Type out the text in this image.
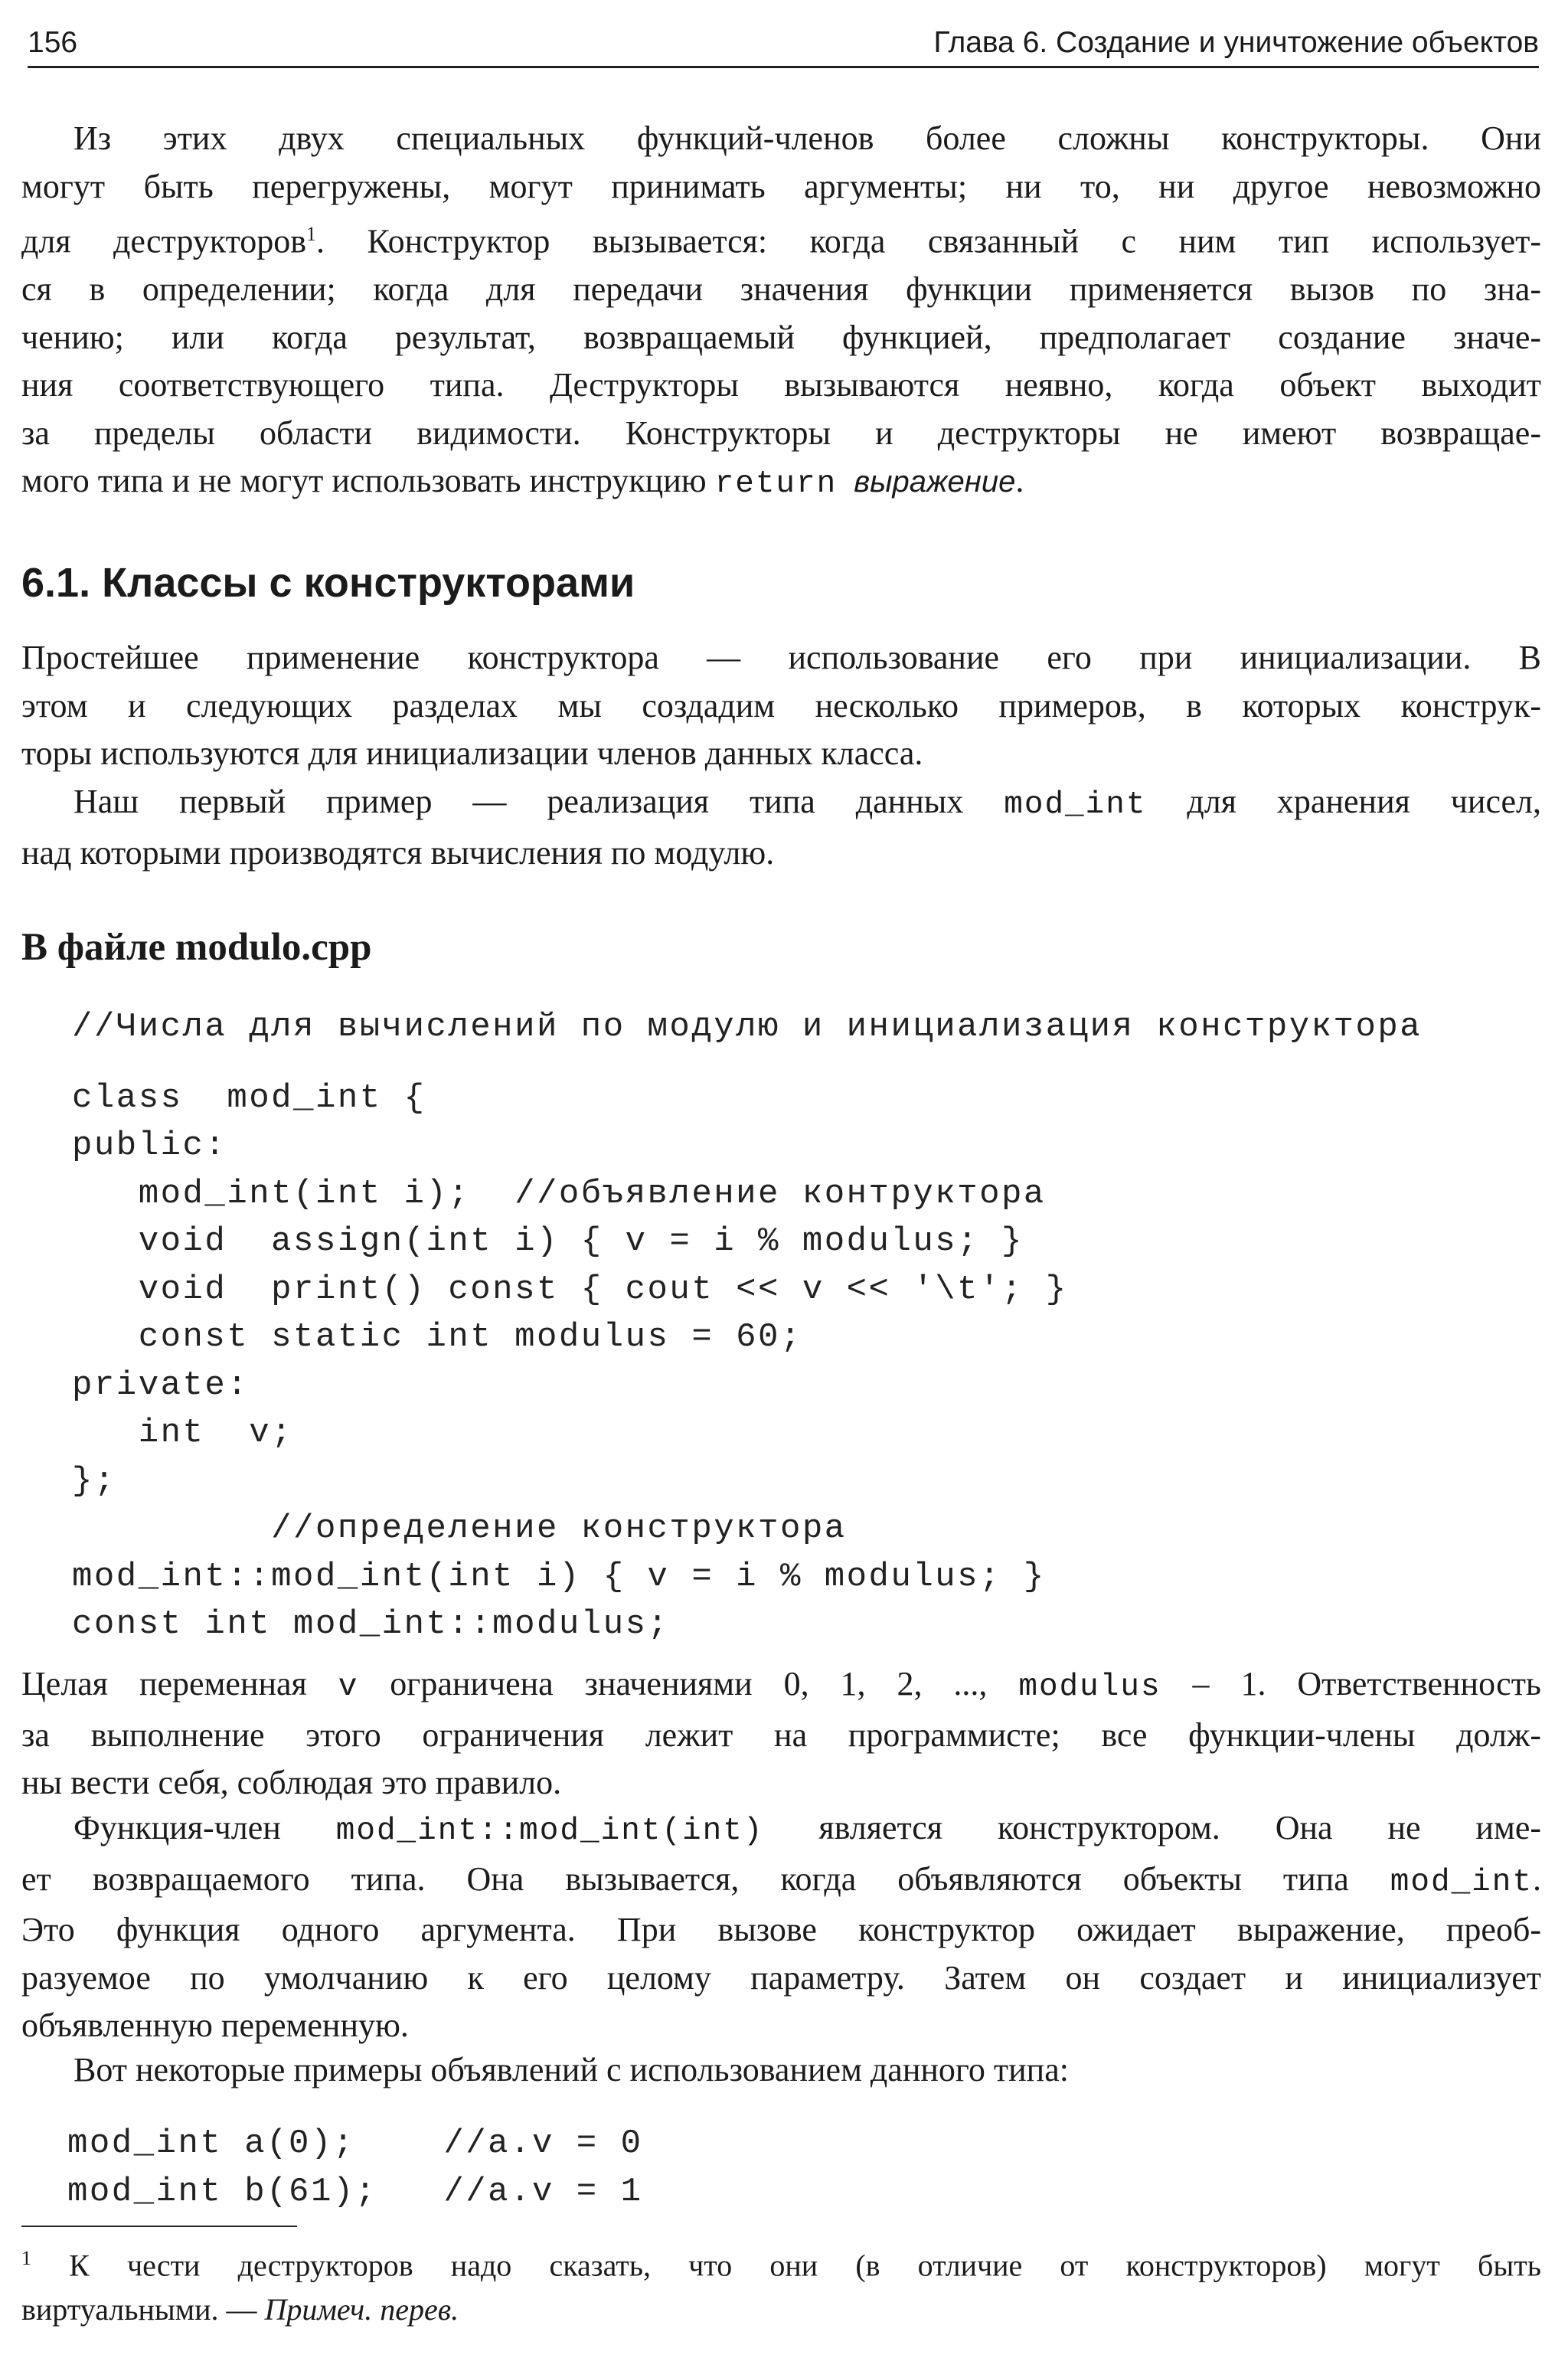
156	Глава 6. Создание и уничтожение объектов
Из этих двух специальных функций-членов более сложны конструкторы. Они
могут быть перегружены, могут принимать аргументы; ни то, ни другое невозможно
для деструкторов$^1$. Конструктор вызывается: когда связанный с ним тип использует-
ся в определении; когда для передачи значения функции применяется вызов по зна-
чению; или когда результат, возвращаемый функцией, предполагает создание значе-
ния соответствующего типа. Деструкторы вызываются неявно, когда объект выходит
за пределы области видимости. Конструкторы и деструкторы не имеют возвращае-
мого типа и не могут использовать инструкцию return выражение.
6.1. Классы с конструкторами
Простейшее применение конструктора — использование его при инициализации. В
этом и следующих разделах мы создадим несколько примеров, в которых конструк-
торы используются для инициализации членов данных класса.
Наш первый пример — реализация типа данных mod_int для хранения чисел,
над которыми производятся вычисления по модулю.
В файле modulo.cpp
//Числа для вычислений по модулю и инициализация конструктора
class  mod_int {
public:
mod_int(int i);  //объявление контруктора
void  assign(int i) { v = i % modulus; }
void  print() const { cout << v << '\t'; }
const static int modulus = 60;
private:
int  v;
};
//определение конструктора
mod_int::mod_int(int i) { v = i % modulus; }
const int mod_int::modulus;
Целая переменная v ограничена значениями 0, 1, 2, ..., modulus – 1. Ответственность
за выполнение этого ограничения лежит на программисте; все функции-члены долж-
ны вести себя, соблюдая это правило.
Функция-член mod_int::mod_int(int) является конструктором. Она не име-
ет возвращаемого типа. Она вызывается, когда объявляются объекты типа mod_int.
Это функция одного аргумента. При вызове конструктор ожидает выражение, преоб-
разуемое по умолчанию к его целому параметру. Затем он создает и инициализует
объявленную переменную.
Вот некоторые примеры объявлений с использованием данного типа:
mod_int a(0);    //a.v = 0
mod_int b(61);   //a.v = 1
$^1$ К чести деструкторов надо сказать, что они (в отличие от конструкторов) могут быть
виртуальными. — Примеч. перев.
